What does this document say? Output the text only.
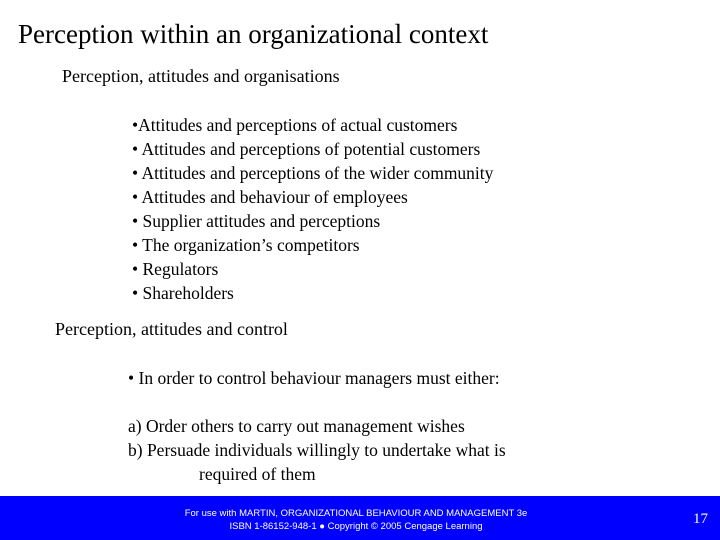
Perception within an organizational context
Perception, attitudes and organisations
•Attitudes and perceptions of actual customers
• Attitudes and perceptions of potential customers
• Attitudes and perceptions of the wider community
• Attitudes and behaviour of employees
• Supplier attitudes and perceptions
• The organization’s competitors
• Regulators
• Shareholders
Perception, attitudes and control
• In order to control behaviour managers must either:
a) Order others to carry out management wishes
b) Persuade individuals willingly to undertake what is
required of them
For use with MARTIN, ORGANIZATIONAL BEHAVIOUR AND MANAGEMENT 3e
ISBN 1-86152-948-1 ● Copyright © 2005 Cengage Learning	17
